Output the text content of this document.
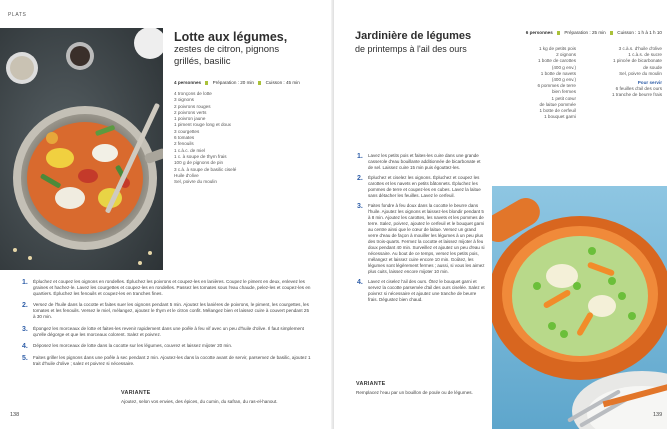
PLATS
Lotte aux légumes,
zestes de citron, pignons
grillés, basilic
4 personnes	Préparation : 20 min	Cuisson : 45 min
4 tronçons de lotte
3 oignons
2 poivrons rouges
2 poivrons verts
1 poivron jaune
1 piment rouge long et doux
3 courgettes
6 tomates
2 fenouils
1 c.à.c. de miel
1 c. à soupe de thym frais
100 g de pignons de pin
3 c.à. à soupe de basilic ciselé
Huile d'olive
Sel, poivre du moulin
1. Épluchez et coupez les oignons en rondelles. Épluchez les poivrons et coupez-les en lanières. Coupez le piment en deux, enlevez les graines et hachez-le. Lavez les courgettes et coupez-les en rondelles. Passez les tomates sous l'eau chaude, pelez-les et coupez-les en quartiers. Épluchez les fenouils et coupez-les en tranches fines.
2. Versez de l'huile dans la cocotte et faites suer les oignons pendant 5 min. Ajoutez les lanières de poivrons, le piment, les courgettes, les tomates et les fenouils. Versez le miel, mélangez, ajoutez le thym et le citron confit. Mélangez bien et laissez cuire à couvert pendant 25 à 30 min.
3. Épongez les morceaux de lotte et faites-les revenir rapidement dans une poêle à feu vif avec un peu d'huile d'olive. Il faut simplement qu'elle dégorge et que les morceaux colorent. Salez et poivrez.
4. Déposez les morceaux de lotte dans la cocotte sur les légumes, couvrez et laissez mijoter 20 min.
5. Faites griller les pignons dans une poêle à sec pendant 2 min. Ajoutez-les dans la cocotte avant de servir, parsemez de basilic, ajoutez 1 trait d'huile d'olive ; salez et poivrez si nécessaire.
VARIANTE
Ajoutez, selon vos envies, des épices, du cumin, du safran, du ras-el-hanout.
138
Jardinière de légumes
de printemps à l'ail des ours
6 personnes	Préparation : 25 min	Cuisson : 1 h à 1 h 10
1 kg de petits pois
2 oignons
1 botte de carottes
(400 g env.)
1 botte de navets
(400 g env.)
6 pommes de terre
bien fermes
1 petit cœur
de laitue pommée
1 botte de cerfeuil
1 bouquet garni
3 c.à.s. d'huile d'olive
1 c.à.s. de sucre
1 pincée de bicarbonate
de soude
Sel, poivre du moulin
Pour servir
6 feuilles d'ail des ours
1 tranche de beurre frais
1. Lavez les petits pois et faites-les cuire dans une grande casserole d'eau bouillante additionnée de bicarbonate et de sel. Laissez cuire 15 min puis égouttez-les.
2. Épluchez et ciselez les oignons. Épluchez et coupez les carottes et les navets en petits bâtonnets. Épluchez les pommes de terre et coupez-les en cubes. Lavez la laitue sans détacher les feuilles. Lavez le cerfeuil.
3. Faites fondre à feu doux dans la cocotte le beurre dans l'huile. Ajoutez les oignons et laissez-les blondir pendant 5 à 8 min. Ajoutez les carottes, les navets et les pommes de terre. Salez, poivrez, ajoutez le cerfeuil et le bouquet garni au centre ainsi que le cœur de laitue. Versez un grand verre d'eau de façon à mouiller les légumes à un peu plus des trois-quarts. Fermez la cocotte et laissez mijoter à feu doux pendant 40 min. Surveillez et ajoutez un peu d'eau si nécessaire. Au bout de ce temps, versez les petits pois, mélangez et laissez cuire encore 10 min. Goûtez, les légumes sont légèrement fermes ; aussi, si vous les aimez plus cuits, laissez encore mijoter 10 min.
4. Lavez et ciselez l'ail des ours. Ôtez le bouquet garni et servez la cocotte parsemée d'ail des ours ciselée. Salez et poivrez si nécessaire et ajoutez une tranche de beurre frais. Dégustez bien chaud.
VARIANTE
Remplacez l'eau par un bouillon de poule ou de légumes.
139
